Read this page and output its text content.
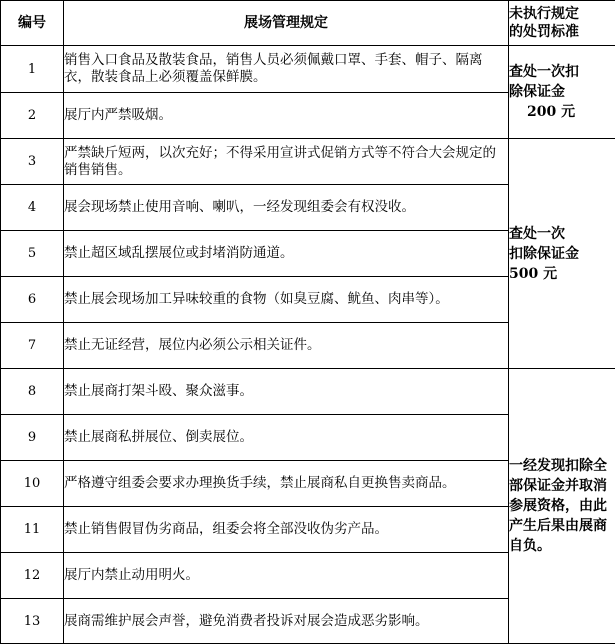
编号	展场管理规定	未执行规定
的处罚标准
1	销售入口食品及散装食品，销售人员必须佩戴口罩、手套、帽子、隔离衣，散装食品上必须覆盖保鲜膜。	查处一次扣
除保证金
200 元
2	展厅内严禁吸烟。	
3	严禁缺斤短两，以次充好；不得采用宣讲式促销方式等不符合大会规定的销售销售。	查处一次
扣除保证金
500 元
4	展会现场禁止使用音响、喇叭，一经发现组委会有权没收。	
5	禁止超区域乱摆展位或封堵消防通道。	
6	禁止展会现场加工异味较重的食物（如臭豆腐、鱿鱼、肉串等）。	
7	禁止无证经营，展位内必须公示相关证件。	
8	禁止展商打架斗殴、聚众滋事。	一经发现扣除全部保证金并取消参展资格，由此产生后果由展商自负。
9	禁止展商私拼展位、倒卖展位。	
10	严格遵守组委会要求办理换货手续，禁止展商私自更换售卖商品。	
11	禁止销售假冒伪劣商品，组委会将全部没收伪劣产品。	
12	展厅内禁止动用明火。	
13	展商需维护展会声誉，避免消费者投诉对展会造成恶劣影响。	
